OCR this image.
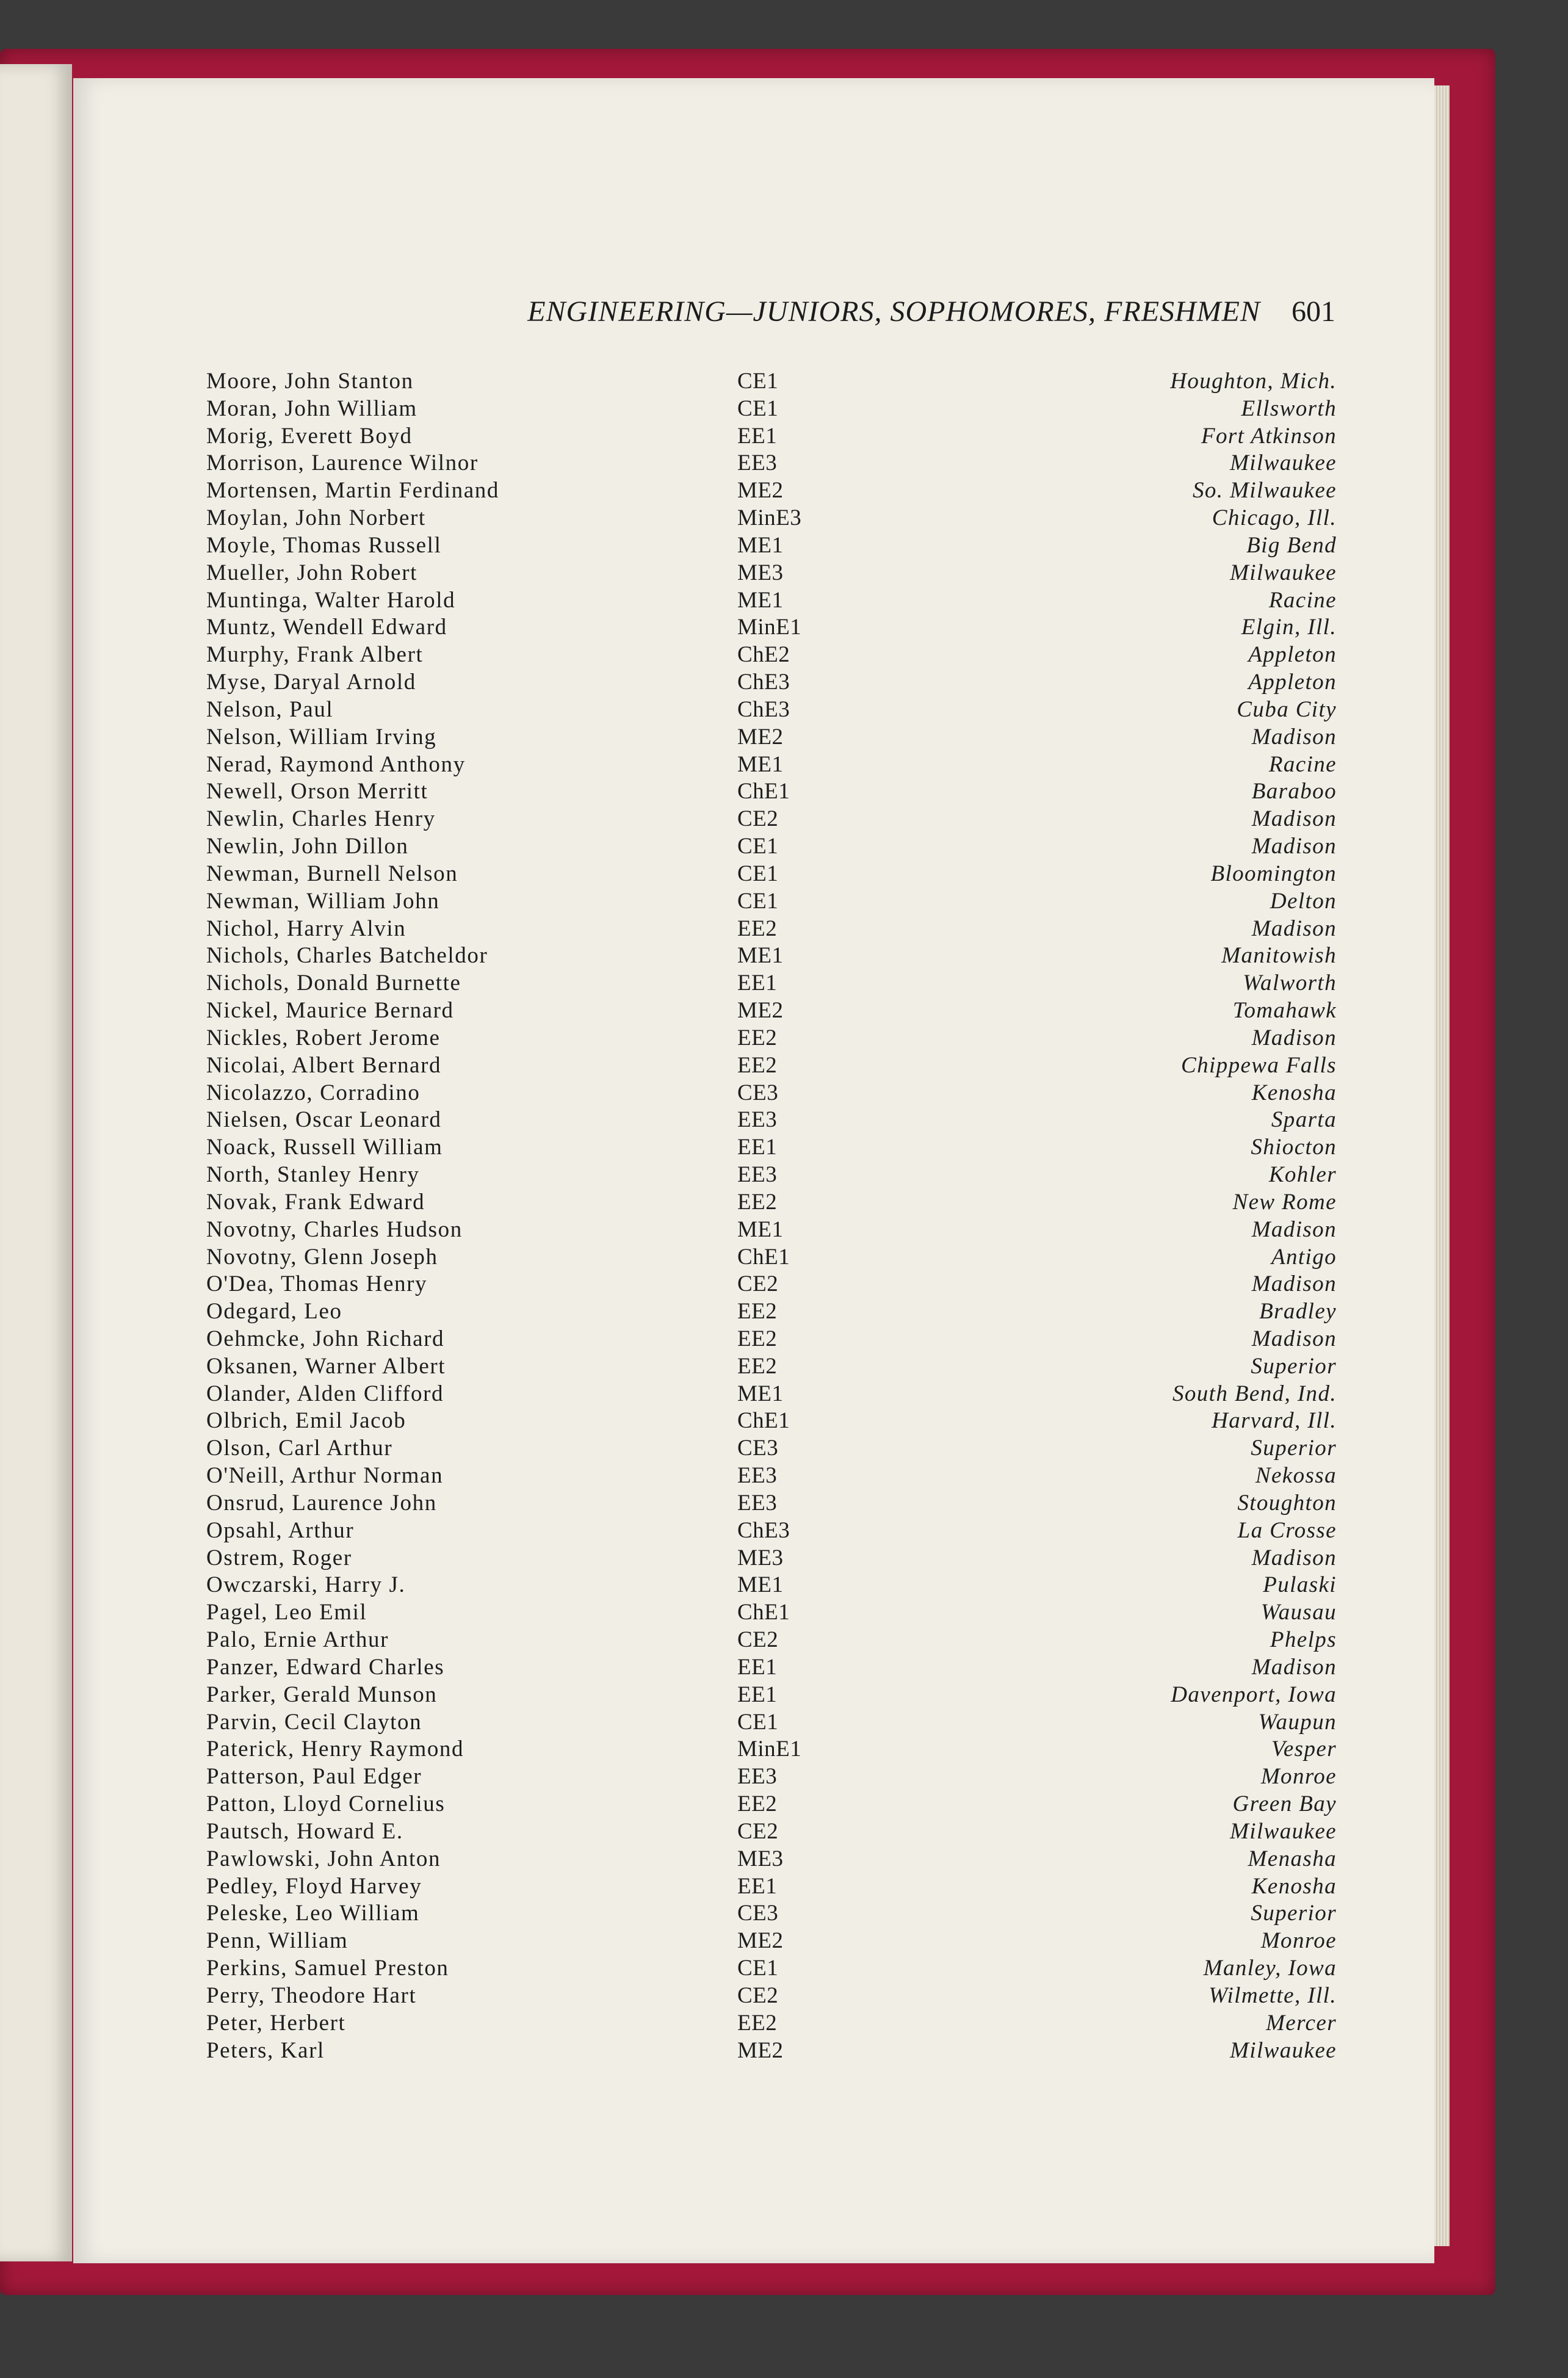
ENGINEERING—JUNIORS, SOPHOMORES, FRESHMEN	601
Moore, John Stanton	CE1	Houghton, Mich.
Moran, John William	CE1	Ellsworth
Morig, Everett Boyd	EE1	Fort Atkinson
Morrison, Laurence Wilnor	EE3	Milwaukee
Mortensen, Martin Ferdinand	ME2	So. Milwaukee
Moylan, John Norbert	MinE3	Chicago, Ill.
Moyle, Thomas Russell	ME1	Big Bend
Mueller, John Robert	ME3	Milwaukee
Muntinga, Walter Harold	ME1	Racine
Muntz, Wendell Edward	MinE1	Elgin, Ill.
Murphy, Frank Albert	ChE2	Appleton
Myse, Daryal Arnold	ChE3	Appleton
Nelson, Paul	ChE3	Cuba City
Nelson, William Irving	ME2	Madison
Nerad, Raymond Anthony	ME1	Racine
Newell, Orson Merritt	ChE1	Baraboo
Newlin, Charles Henry	CE2	Madison
Newlin, John Dillon	CE1	Madison
Newman, Burnell Nelson	CE1	Bloomington
Newman, William John	CE1	Delton
Nichol, Harry Alvin	EE2	Madison
Nichols, Charles Batcheldor	ME1	Manitowish
Nichols, Donald Burnette	EE1	Walworth
Nickel, Maurice Bernard	ME2	Tomahawk
Nickles, Robert Jerome	EE2	Madison
Nicolai, Albert Bernard	EE2	Chippewa Falls
Nicolazzo, Corradino	CE3	Kenosha
Nielsen, Oscar Leonard	EE3	Sparta
Noack, Russell William	EE1	Shiocton
North, Stanley Henry	EE3	Kohler
Novak, Frank Edward	EE2	New Rome
Novotny, Charles Hudson	ME1	Madison
Novotny, Glenn Joseph	ChE1	Antigo
O'Dea, Thomas Henry	CE2	Madison
Odegard, Leo	EE2	Bradley
Oehmcke, John Richard	EE2	Madison
Oksanen, Warner Albert	EE2	Superior
Olander, Alden Clifford	ME1	South Bend, Ind.
Olbrich, Emil Jacob	ChE1	Harvard, Ill.
Olson, Carl Arthur	CE3	Superior
O'Neill, Arthur Norman	EE3	Nekossa
Onsrud, Laurence John	EE3	Stoughton
Opsahl, Arthur	ChE3	La Crosse
Ostrem, Roger	ME3	Madison
Owczarski, Harry J.	ME1	Pulaski
Pagel, Leo Emil	ChE1	Wausau
Palo, Ernie Arthur	CE2	Phelps
Panzer, Edward Charles	EE1	Madison
Parker, Gerald Munson	EE1	Davenport, Iowa
Parvin, Cecil Clayton	CE1	Waupun
Paterick, Henry Raymond	MinE1	Vesper
Patterson, Paul Edger	EE3	Monroe
Patton, Lloyd Cornelius	EE2	Green Bay
Pautsch, Howard E.	CE2	Milwaukee
Pawlowski, John Anton	ME3	Menasha
Pedley, Floyd Harvey	EE1	Kenosha
Peleske, Leo William	CE3	Superior
Penn, William	ME2	Monroe
Perkins, Samuel Preston	CE1	Manley, Iowa
Perry, Theodore Hart	CE2	Wilmette, Ill.
Peter, Herbert	EE2	Mercer
Peters, Karl	ME2	Milwaukee
